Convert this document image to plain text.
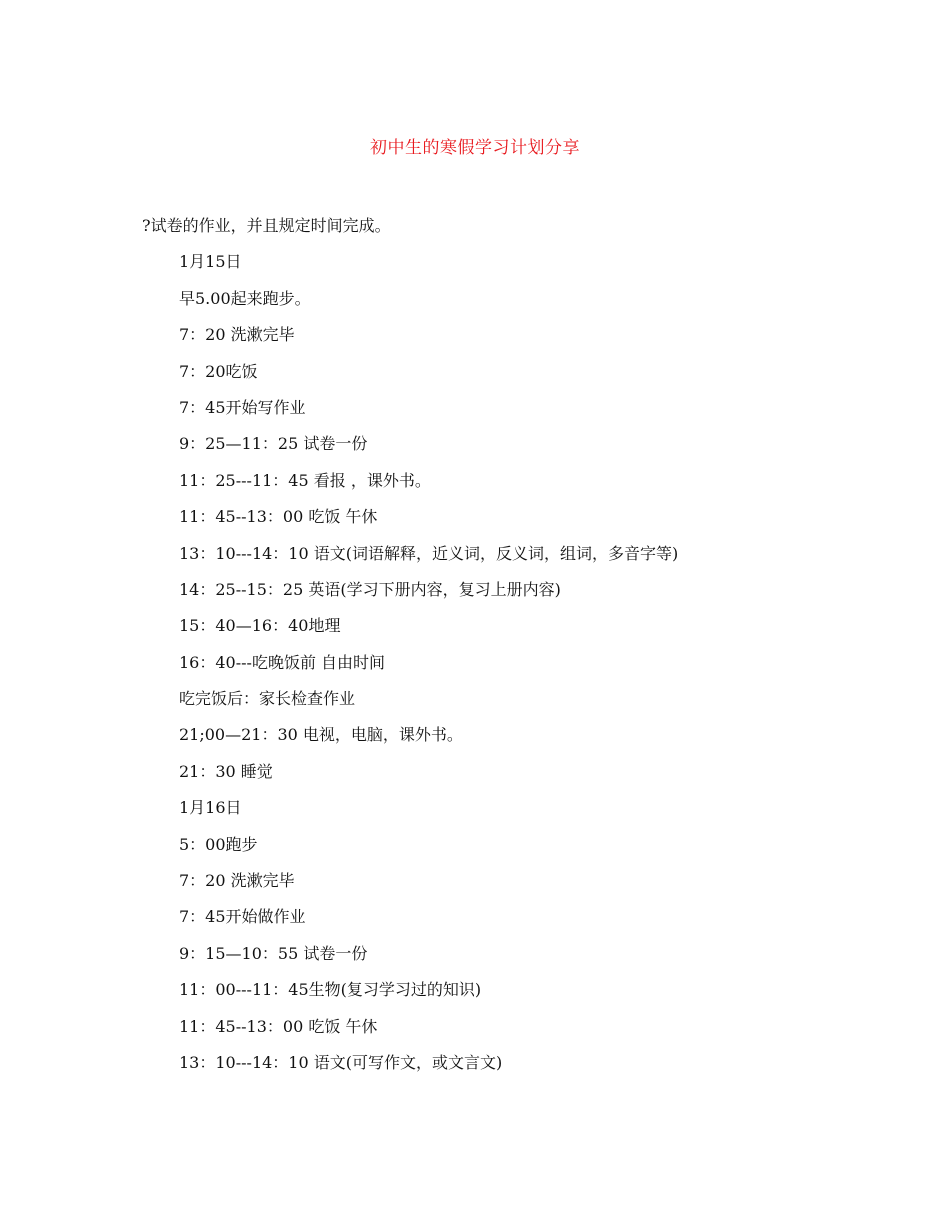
初中生的寒假学习计划分享
?试卷的作业，并且规定时间完成。
1月15日
早5.00起来跑步。
7：20 洗漱完毕
7：20吃饭
7：45开始写作业
9：25—11：25 试卷一份
11：25---11：45 看报 ，课外书。
11：45--13：00 吃饭 午休
13：10---14：10 语文(词语解释，近义词，反义词，组词，多音字等)
14：25--15：25 英语(学习下册内容，复习上册内容)
15：40—16：40地理
16：40---吃晚饭前 自由时间
吃完饭后：家长检查作业
21;00—21：30 电视，电脑，课外书。
21：30 睡觉
1月16日
5：00跑步
7：20 洗漱完毕
7：45开始做作业
9：15—10：55 试卷一份
11：00---11：45生物(复习学习过的知识)
11：45--13：00 吃饭 午休
13：10---14：10 语文(可写作文，或文言文)
